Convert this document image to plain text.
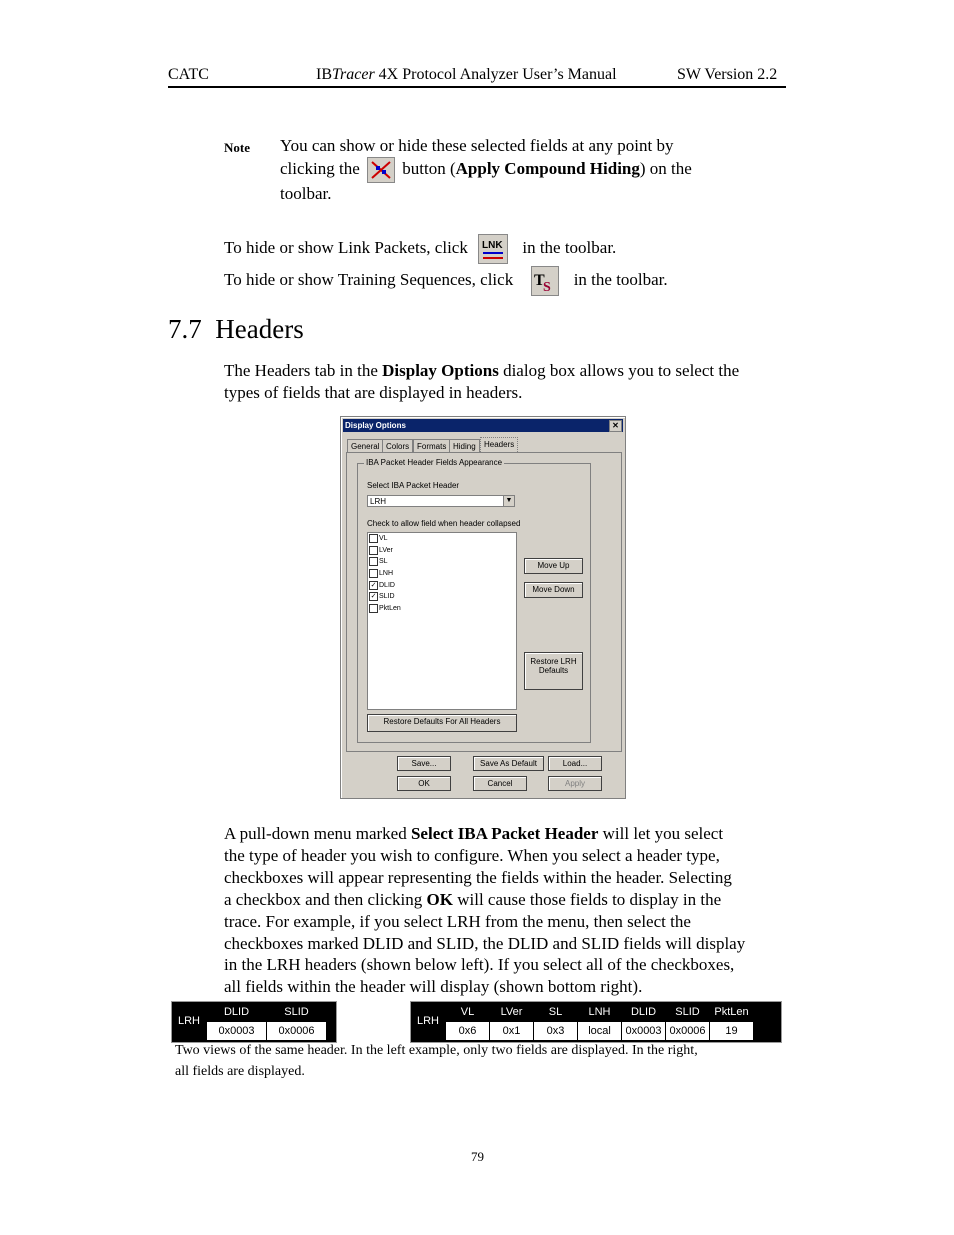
CATC	IBTracer 4X Protocol Analyzer User’s Manual	SW Version 2.2
Note You can show or hide these selected fields at any point by
clicking the  button (Apply Compound Hiding) on the
toolbar.
To hide or show Link Packets, click LNK in the toolbar.
To hide or show Training Sequences, click T
S in the toolbar.
7.7 Headers
The Headers tab in the Display Options dialog box allows you to select the
types of fields that are displayed in headers.
Display Options	✕
General Colors Formats Hiding	Headers
IBA Packet Header Fields Appearance
Select IBA Packet Header
LRH	▼
Check to allow field when header collapsed
VL
LVer
SL
LNH
✓ DLID
✓ SLID
PktLen
Move Up
Move Down
Restore LRH Defaults
Restore Defaults For All Headers
Save...	Save As Default	Load...
OK	Cancel	Apply
A pull-down menu marked Select IBA Packet Header will let you select
the type of header you wish to configure. When you select a header type,
checkboxes will appear representing the fields within the header. Selecting
a checkbox and then clicking OK will cause those fields to display in the
trace. For example, if you select LRH from the menu, then select the
checkboxes marked DLID and SLID, the DLID and SLID fields will display
in the LRH headers (shown below left). If you select all of the checkboxes,
all fields within the header will display (shown bottom right).
LRH	DLID	SLID
	0x0003	0x0006
LRH	VL	LVer	SL	LNH	DLID	SLID	PktLen
	0x6	0x1	0x3	local	0x0003	0x0006	19
Two views of the same header. In the left example, only two fields are displayed. In the right,
all fields are displayed.
79
